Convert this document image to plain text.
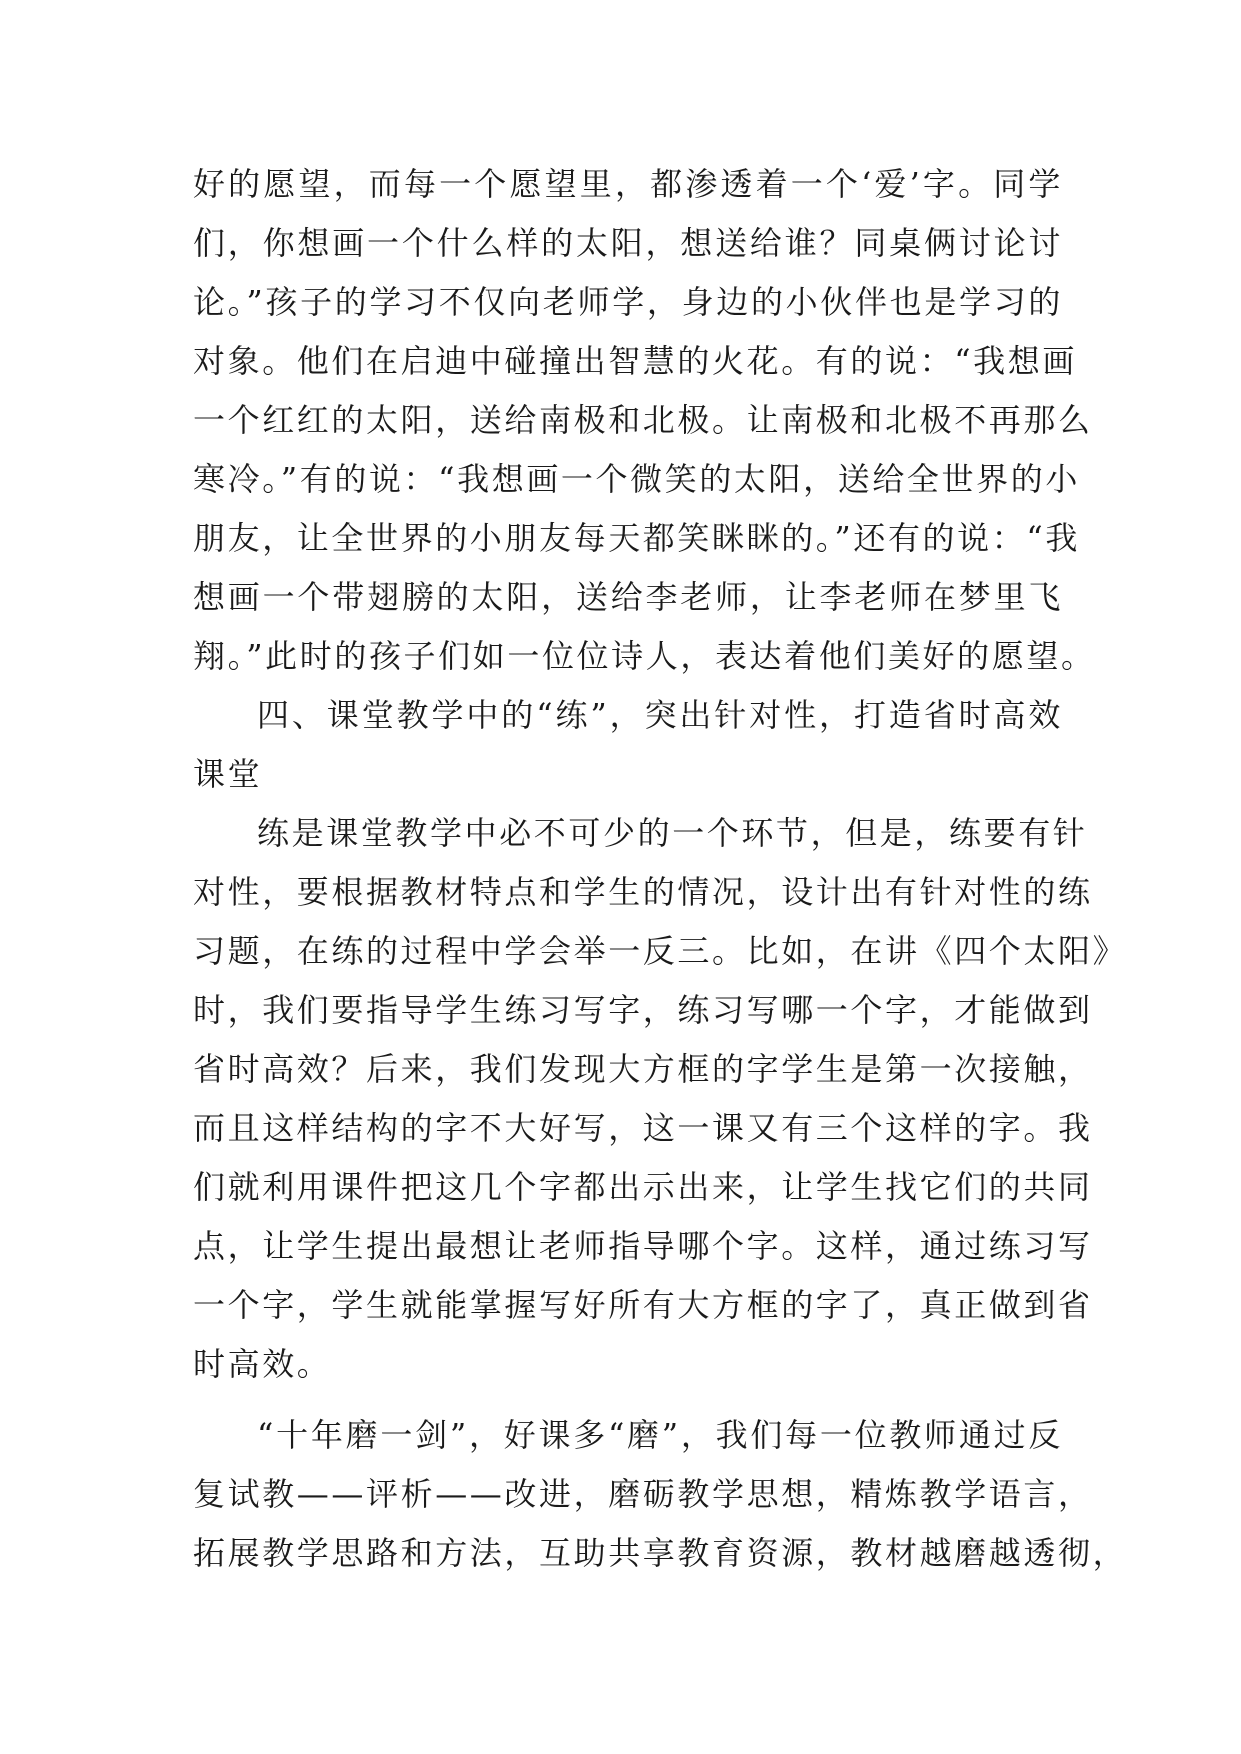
好的愿望，而每一个愿望里，都渗透着一个‘爱’字。同学
们，你想画一个什么样的太阳，想送给谁？同桌俩讨论讨
论。”孩子的学习不仅向老师学，身边的小伙伴也是学习的
对象。他们在启迪中碰撞出智慧的火花。有的说：“我想画
一个红红的太阳，送给南极和北极。让南极和北极不再那么
寒冷。”有的说：“我想画一个微笑的太阳，送给全世界的小
朋友，让全世界的小朋友每天都笑眯眯的。”还有的说：“我
想画一个带翅膀的太阳，送给李老师，让李老师在梦里飞
翔。”此时的孩子们如一位位诗人，表达着他们美好的愿望。
四、课堂教学中的“练”，突出针对性，打造省时高效
课堂
练是课堂教学中必不可少的一个环节，但是，练要有针
对性，要根据教材特点和学生的情况，设计出有针对性的练
习题，在练的过程中学会举一反三。比如，在讲《四个太阳》
时，我们要指导学生练习写字，练习写哪一个字，才能做到
省时高效？后来，我们发现大方框的字学生是第一次接触，
而且这样结构的字不大好写，这一课又有三个这样的字。我
们就利用课件把这几个字都出示出来，让学生找它们的共同
点，让学生提出最想让老师指导哪个字。这样，通过练习写
一个字，学生就能掌握写好所有大方框的字了，真正做到省
时高效。
“十年磨一剑”，好课多“磨”，我们每一位教师通过反
复试教——评析——改进，磨砺教学思想，精炼教学语言，
拓展教学思路和方法，互助共享教育资源，教材越磨越透彻，
